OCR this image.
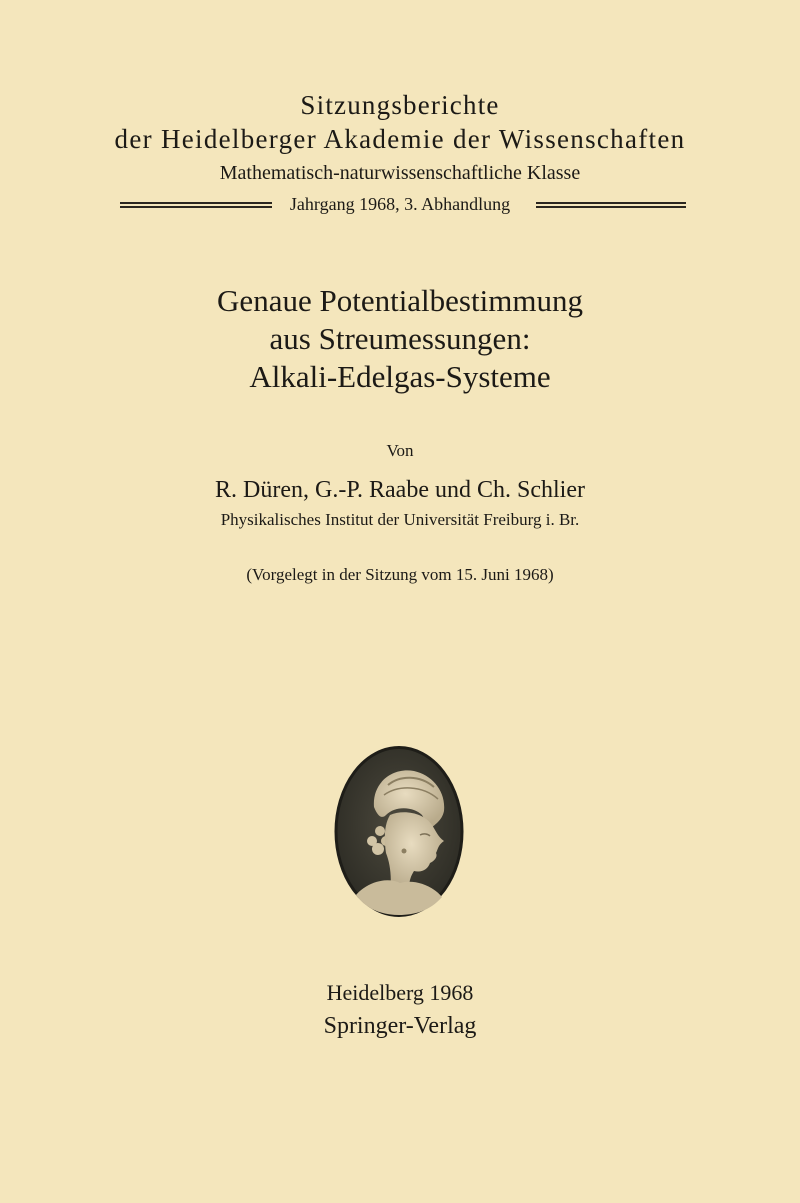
Sitzungsberichte
der Heidelberger Akademie der Wissenschaften
Mathematisch-naturwissenschaftliche Klasse
Jahrgang 1968, 3. Abhandlung
Genaue Potentialbestimmung
aus Streumessungen:
Alkali-Edelgas-Systeme
Von
R. Düren, G.-P. Raabe und Ch. Schlier
Physikalisches Institut der Universität Freiburg i. Br.
(Vorgelegt in der Sitzung vom 15. Juni 1968)
Heidelberg 1968
Springer-Verlag
